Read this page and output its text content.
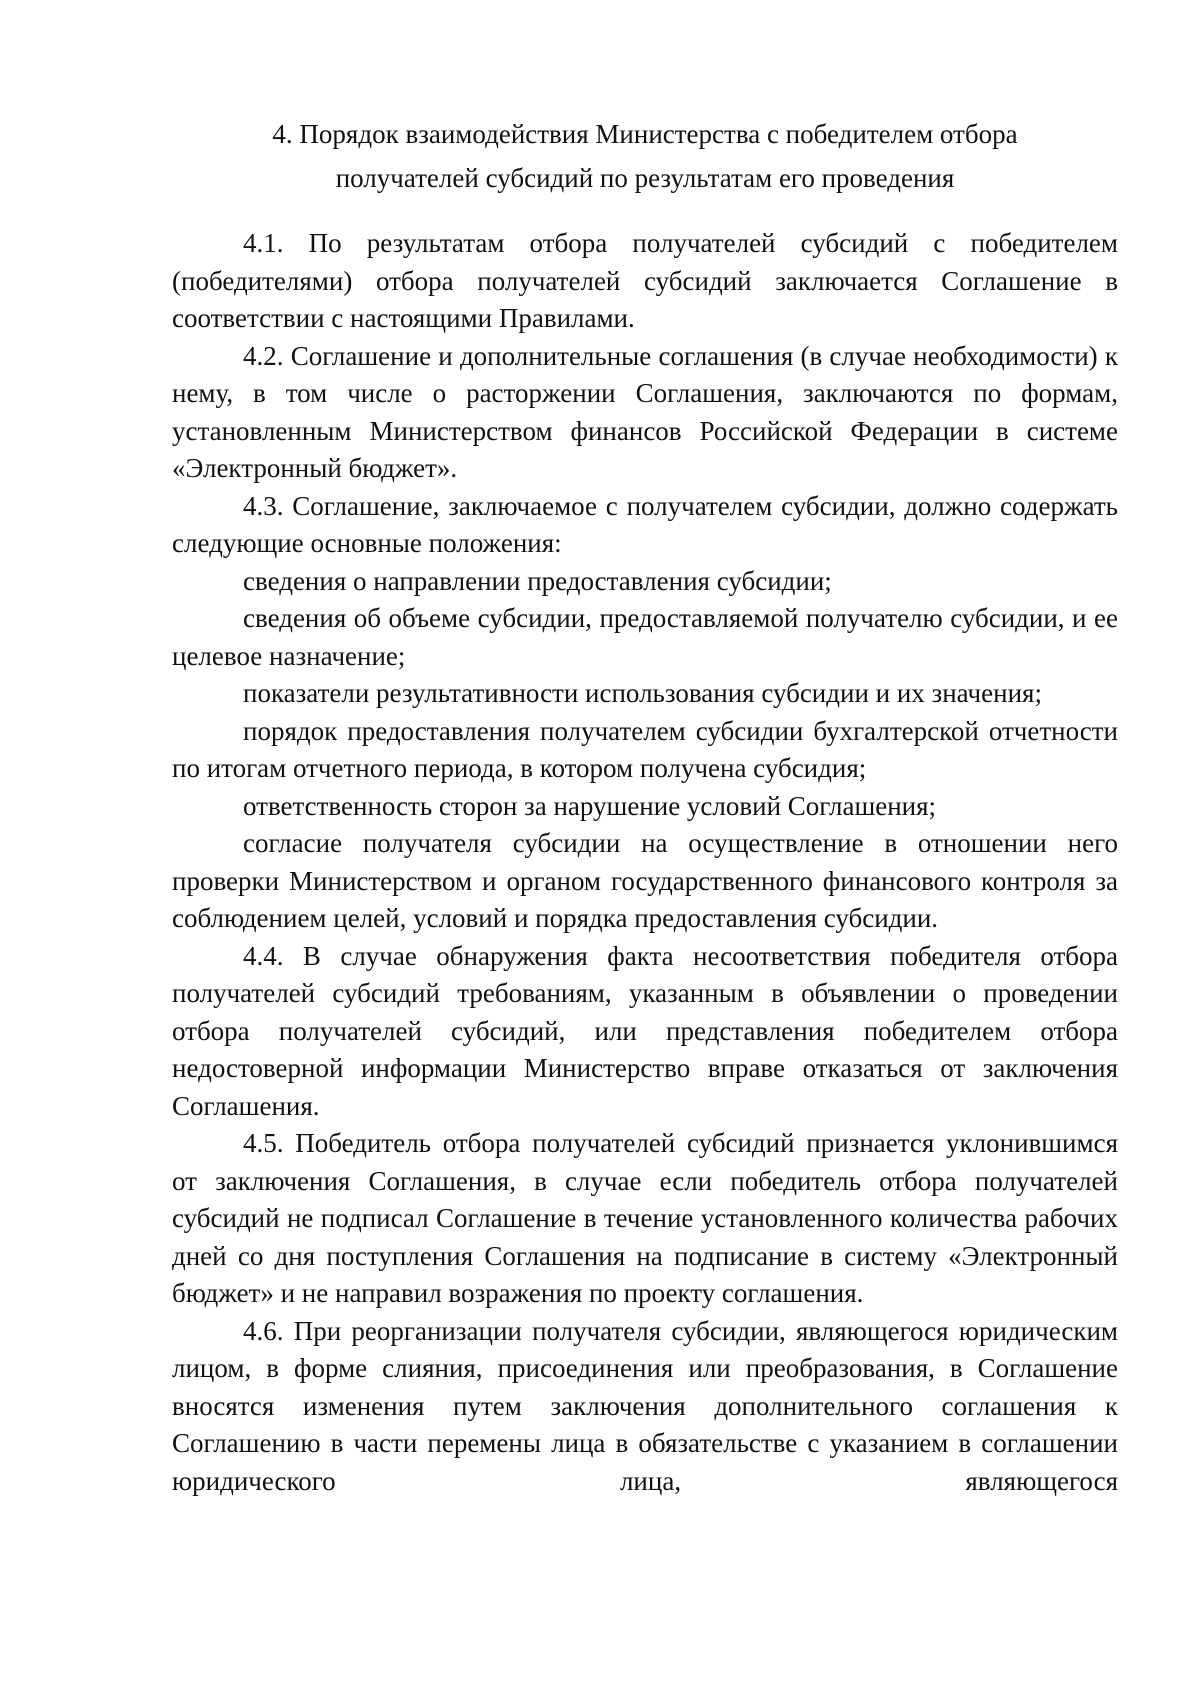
4. Порядок взаимодействия Министерства с победителем отбора
получателей субсидий по результатам его проведения

4.1. По результатам отбора получателей субсидий с победителем (победителями) отбора получателей субсидий заключается Соглашение в соответствии с настоящими Правилами.

4.2. Соглашение и дополнительные соглашения (в случае необходимости) к нему, в том числе о расторжении Соглашения, заключаются по формам, установленным Министерством финансов Российской Федерации в системе «Электронный бюджет».

4.3. Соглашение, заключаемое с получателем субсидии, должно содержать следующие основные положения:

сведения о направлении предоставления субсидии;

сведения об объеме субсидии, предоставляемой получателю субсидии, и ее целевое назначение;

показатели результативности использования субсидии и их значения;

порядок предоставления получателем субсидии бухгалтерской отчетности по итогам отчетного периода, в котором получена субсидия;

ответственность сторон за нарушение условий Соглашения;

согласие получателя субсидии на осуществление в отношении него проверки Министерством и органом государственного финансового контроля за соблюдением целей, условий и порядка предоставления субсидии.

4.4. В случае обнаружения факта несоответствия победителя отбора получателей субсидий требованиям, указанным в объявлении о проведении отбора получателей субсидий, или представления победителем отбора недостоверной информации Министерство вправе отказаться от заключения Соглашения.

4.5. Победитель отбора получателей субсидий признается уклонившимся от заключения Соглашения, в случае если победитель отбора получателей субсидий не подписал Соглашение в течение установленного количества рабочих дней со дня поступления Соглашения на подписание в систему «Электронный бюджет» и не направил возражения по проекту соглашения.

4.6. При реорганизации получателя субсидии, являющегося юридическим лицом, в форме слияния, присоединения или преобразования, в Соглашение вносятся изменения путем заключения дополнительного соглашения к Соглашению в части перемены лица в обязательстве с указанием в соглашении юридического лица, являющегося
